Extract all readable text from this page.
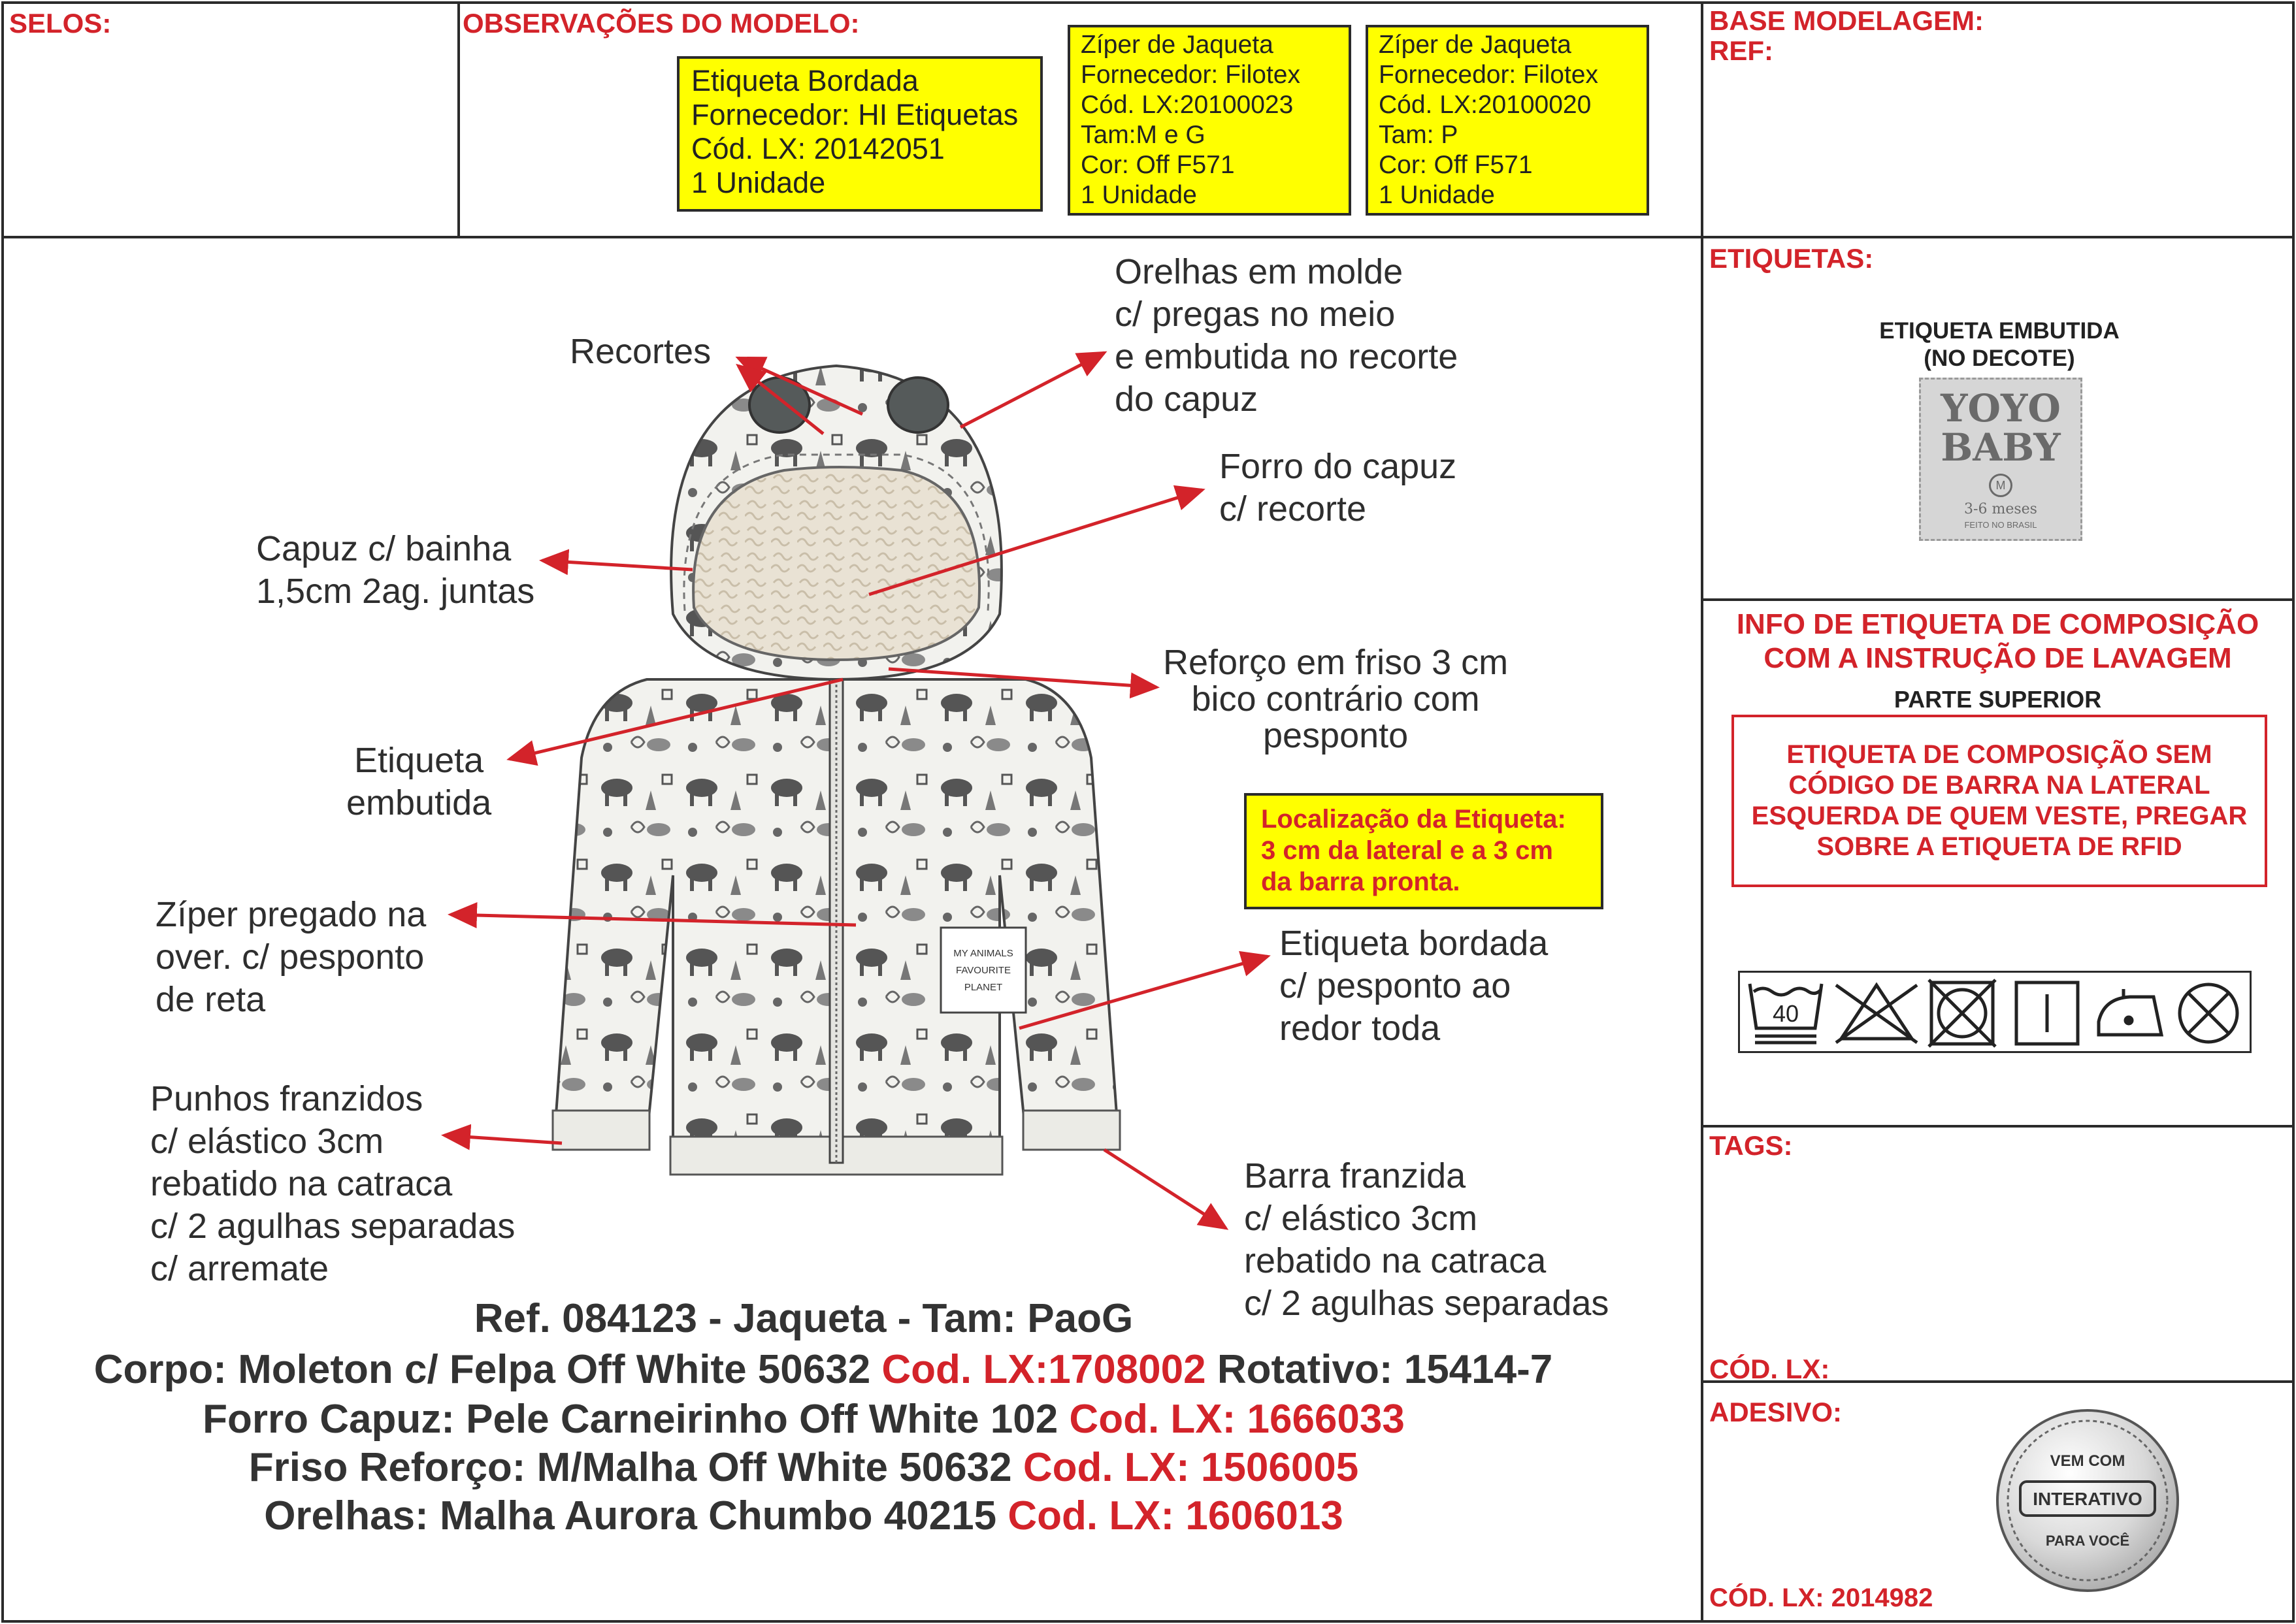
SELOS:	OBSERVAÇÕES DO MODELO:	BASE MODELAGEM:
REF:
ETIQUETAS:
INFO DE ETIQUETA DE COMPOSIÇÃO
COM A INSTRUÇÃO DE LAVAGEM
PARTE SUPERIOR
TAGS:
CÓD. LX:
ADESIVO:
CÓD. LX: 2014982
Etiqueta Bordada
Fornecedor: HI Etiquetas
Cód. LX: 20142051
1 Unidade
Zíper de Jaqueta
Fornecedor: Filotex
Cód. LX:20100023
Tam:M e G
Cor: Off F571
1 Unidade
Zíper de Jaqueta
Fornecedor: Filotex
Cód. LX:20100020
Tam: P
Cor: Off F571
1 Unidade
Localização da Etiqueta:
3 cm da lateral e a 3 cm
da barra pronta.
ETIQUETA EMBUTIDA
(NO DECOTE)
YOYO
BABY
M
3-6 meses
FEITO NO BRASIL
ETIQUETA DE COMPOSIÇÃO SEM
CÓDIGO DE BARRA NA LATERAL
ESQUERDA DE QUEM VESTE, PREGAR
SOBRE A ETIQUETA DE RFID
40
VEM COM
INTERATIVO
PARA VOCÊ
MY ANIMALS
FAVOURITE
PLANET
Recortes
Orelhas em molde
c/ pregas no meio
e embutida no recorte
do capuz
Forro do capuz
c/ recorte
Capuz c/ bainha
1,5cm 2ag. juntas
Reforço em friso 3 cm
bico contrário com
pesponto
Etiqueta
embutida
Zíper pregado na
over. c/ pesponto
de reta
Etiqueta bordada
c/ pesponto ao
redor toda
Punhos franzidos
c/ elástico 3cm
rebatido na catraca
c/ 2 agulhas separadas
c/ arremate
Barra franzida
c/ elástico 3cm
rebatido na catraca
c/ 2 agulhas separadas
Ref. 084123 - Jaqueta - Tam: PaoG
Corpo: Moleton c/ Felpa Off White 50632 Cod. LX:1708002 Rotativo: 15414-7
Forro Capuz: Pele Carneirinho Off White 102 Cod. LX: 1666033
Friso Reforço: M/Malha Off White 50632 Cod. LX: 1506005
Orelhas: Malha Aurora Chumbo 40215 Cod. LX: 1606013
